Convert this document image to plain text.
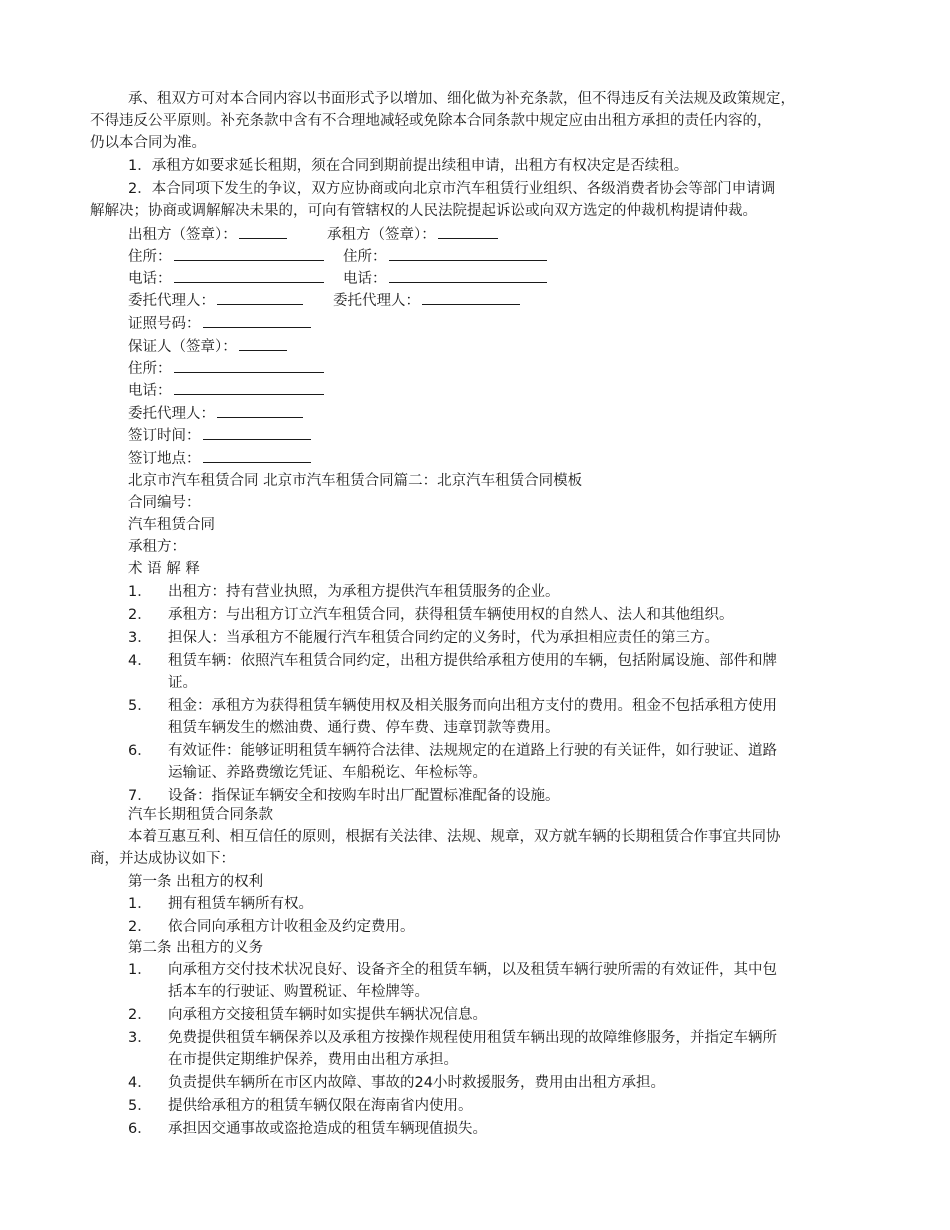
承、租双方可对本合同内容以书面形式予以增加、细化做为补充条款，但不得违反有关法规及政策规定，
不得违反公平原则。补充条款中含有不合理地减轻或免除本合同条款中规定应由出租方承担的责任内容的，
仍以本合同为准。
1．承租方如要求延长租期，须在合同到期前提出续租申请，出租方有权决定是否续租。
2．本合同项下发生的争议，双方应协商或向北京市汽车租赁行业组织、各级消费者协会等部门申请调
解解决；协商或调解解决未果的，可向有管辖权的人民法院提起诉讼或向双方选定的仲裁机构提请仲裁。
出租方（签章）：	承租方（签章）：
住所：	住所：
电话：	电话：
委托代理人：	委托代理人：
证照号码：
保证人（签章）：
住所：
电话：
委托代理人：
签订时间：
签订地点：
北京市汽车租赁合同 北京市汽车租赁合同篇二：北京汽车租赁合同模板
合同编号：
汽车租赁合同
承租方：
术 语 解 释
1． 出租方：持有营业执照，为承租方提供汽车租赁服务的企业。
2． 承租方：与出租方订立汽车租赁合同，获得租赁车辆使用权的自然人、法人和其他组织。
3． 担保人：当承租方不能履行汽车租赁合同约定的义务时，代为承担相应责任的第三方。
4． 租赁车辆：依照汽车租赁合同约定，出租方提供给承租方使用的车辆，包括附属设施、部件和牌
证。
5． 租金：承租方为获得租赁车辆使用权及相关服务而向出租方支付的费用。租金不包括承租方使用
租赁车辆发生的燃油费、通行费、停车费、违章罚款等费用。
6． 有效证件：能够证明租赁车辆符合法律、法规规定的在道路上行驶的有关证件，如行驶证、道路
运输证、养路费缴讫凭证、车船税讫、年检标等。
7． 设备：指保证车辆安全和按购车时出厂配置标准配备的设施。
汽车长期租赁合同条款
本着互惠互利、相互信任的原则，根据有关法律、法规、规章，双方就车辆的长期租赁合作事宜共同协
商，并达成协议如下：
第一条 出租方的权利
1． 拥有租赁车辆所有权。
2． 依合同向承租方计收租金及约定费用。
第二条 出租方的义务
1． 向承租方交付技术状况良好、设备齐全的租赁车辆，以及租赁车辆行驶所需的有效证件，其中包
括本车的行驶证、购置税证、年检牌等。
2． 向承租方交接租赁车辆时如实提供车辆状况信息。
3． 免费提供租赁车辆保养以及承租方按操作规程使用租赁车辆出现的故障维修服务，并指定车辆所
在市提供定期维护保养，费用由出租方承担。
4． 负责提供车辆所在市区内故障、事故的24小时救援服务，费用由出租方承担。
5． 提供给承租方的租赁车辆仅限在海南省内使用。
6． 承担因交通事故或盗抢造成的租赁车辆现值损失。
